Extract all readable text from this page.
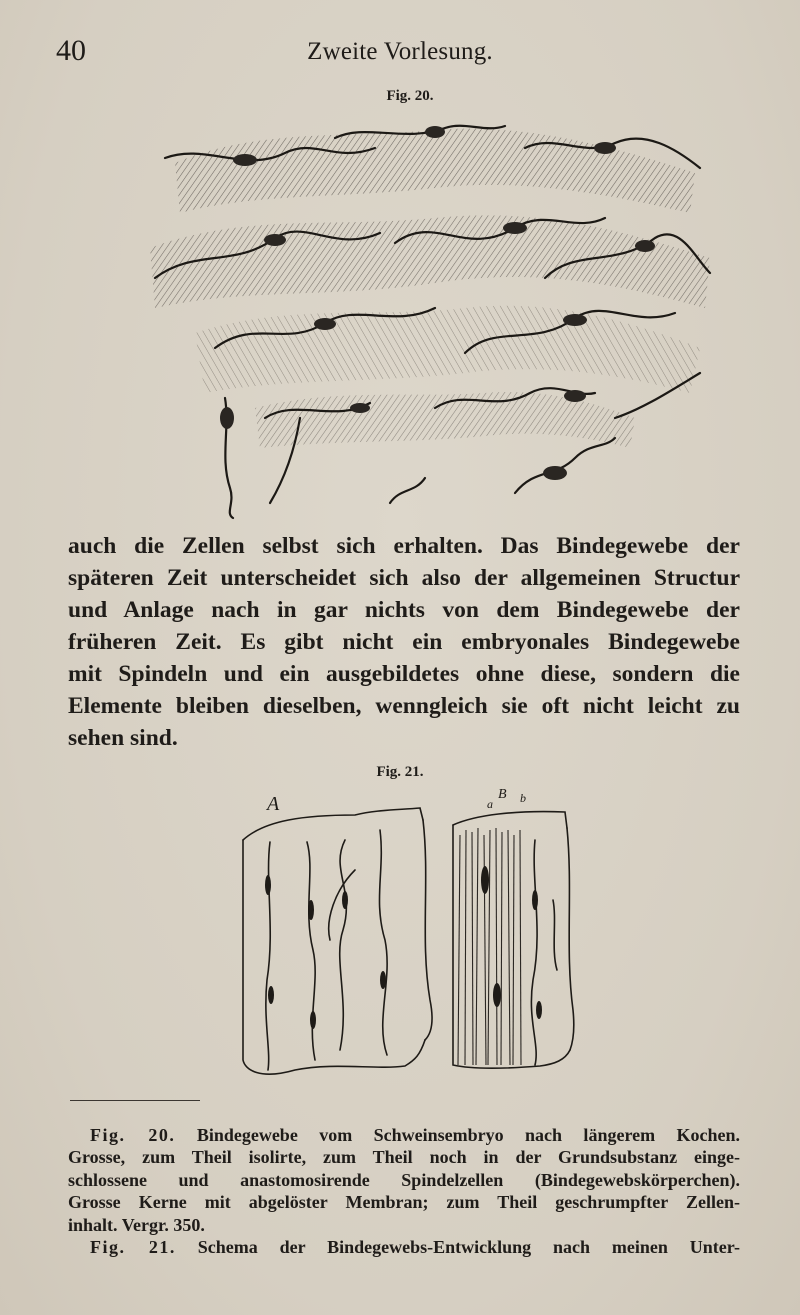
40	Zweite Vorlesung.
Fig. 20.
auch die Zellen selbst sich erhalten. Das Bindegewebe der
späteren Zeit unterscheidet sich also der allgemeinen Structur
und Anlage nach in gar nichts von dem Bindegewebe der
früheren Zeit. Es gibt nicht ein embryonales Bindegewebe
mit Spindeln und ein ausgebildetes ohne diese, sondern die
Elemente bleiben dieselben, wenngleich sie oft nicht leicht zu
sehen sind.
Fig. 21.
A	B
a b
Fig. 20. Bindegewebe vom Schweinsembryo nach längerem Kochen.
Grosse, zum Theil isolirte, zum Theil noch in der Grundsubstanz einge-
schlossene und anastomosirende Spindelzellen (Bindegewebskörperchen).
Grosse Kerne mit abgelöster Membran; zum Theil geschrumpfter Zellen-
inhalt. Vergr. 350.
Fig. 21. Schema der Bindegewebs-Entwicklung nach meinen Unter-
